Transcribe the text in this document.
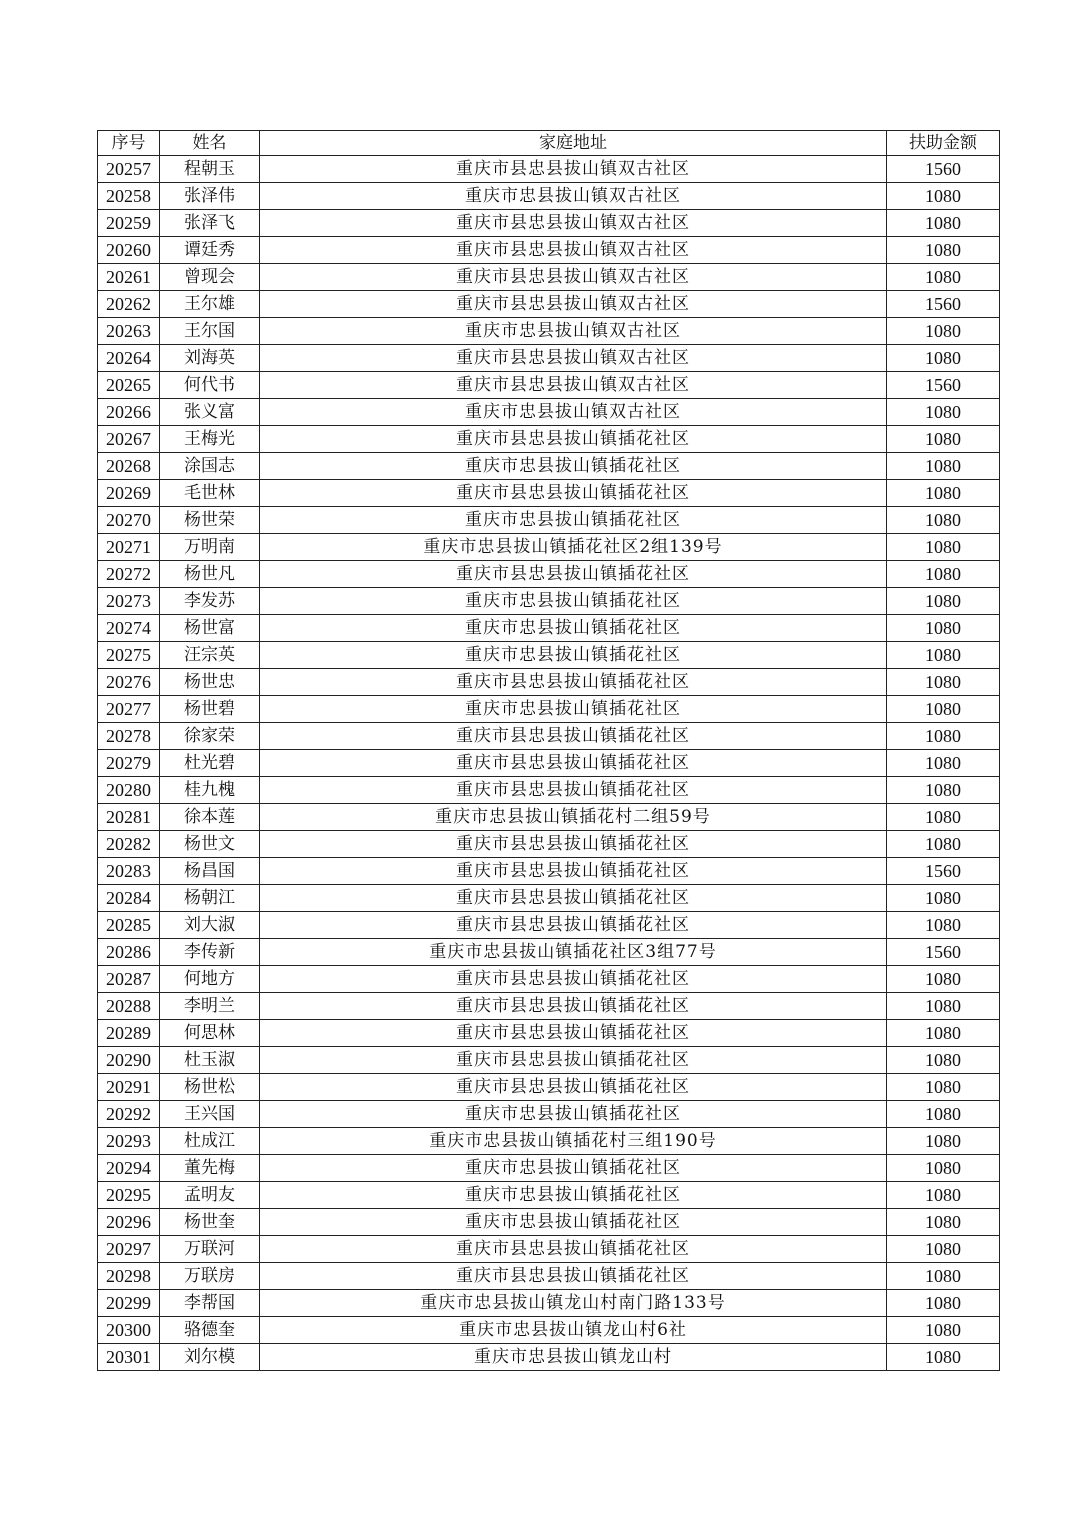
序号	姓名	家庭地址	扶助金额
20257	程朝玉	重庆市县忠县拔山镇双古社区	1560
20258	张泽伟	重庆市忠县拔山镇双古社区	1080
20259	张泽飞	重庆市县忠县拔山镇双古社区	1080
20260	谭廷秀	重庆市县忠县拔山镇双古社区	1080
20261	曾现会	重庆市县忠县拔山镇双古社区	1080
20262	王尔雄	重庆市县忠县拔山镇双古社区	1560
20263	王尔国	重庆市忠县拔山镇双古社区	1080
20264	刘海英	重庆市县忠县拔山镇双古社区	1080
20265	何代书	重庆市县忠县拔山镇双古社区	1560
20266	张义富	重庆市忠县拔山镇双古社区	1080
20267	王梅光	重庆市县忠县拔山镇插花社区	1080
20268	涂国志	重庆市忠县拔山镇插花社区	1080
20269	毛世林	重庆市县忠县拔山镇插花社区	1080
20270	杨世荣	重庆市忠县拔山镇插花社区	1080
20271	万明南	重庆市忠县拔山镇插花社区2组139号	1080
20272	杨世凡	重庆市县忠县拔山镇插花社区	1080
20273	李发苏	重庆市忠县拔山镇插花社区	1080
20274	杨世富	重庆市忠县拔山镇插花社区	1080
20275	汪宗英	重庆市忠县拔山镇插花社区	1080
20276	杨世忠	重庆市县忠县拔山镇插花社区	1080
20277	杨世碧	重庆市忠县拔山镇插花社区	1080
20278	徐家荣	重庆市县忠县拔山镇插花社区	1080
20279	杜光碧	重庆市县忠县拔山镇插花社区	1080
20280	桂九槐	重庆市县忠县拔山镇插花社区	1080
20281	徐本莲	重庆市忠县拔山镇插花村二组59号	1080
20282	杨世文	重庆市县忠县拔山镇插花社区	1080
20283	杨昌国	重庆市县忠县拔山镇插花社区	1560
20284	杨朝江	重庆市县忠县拔山镇插花社区	1080
20285	刘大淑	重庆市县忠县拔山镇插花社区	1080
20286	李传新	重庆市忠县拔山镇插花社区3组77号	1560
20287	何地方	重庆市县忠县拔山镇插花社区	1080
20288	李明兰	重庆市县忠县拔山镇插花社区	1080
20289	何思林	重庆市县忠县拔山镇插花社区	1080
20290	杜玉淑	重庆市县忠县拔山镇插花社区	1080
20291	杨世松	重庆市县忠县拔山镇插花社区	1080
20292	王兴国	重庆市忠县拔山镇插花社区	1080
20293	杜成江	重庆市忠县拔山镇插花村三组190号	1080
20294	董先梅	重庆市忠县拔山镇插花社区	1080
20295	孟明友	重庆市忠县拔山镇插花社区	1080
20296	杨世奎	重庆市忠县拔山镇插花社区	1080
20297	万联河	重庆市县忠县拔山镇插花社区	1080
20298	万联房	重庆市县忠县拔山镇插花社区	1080
20299	李帮国	重庆市忠县拔山镇龙山村南门路133号	1080
20300	骆德奎	重庆市忠县拔山镇龙山村6社	1080
20301	刘尔模	重庆市忠县拔山镇龙山村	1080
